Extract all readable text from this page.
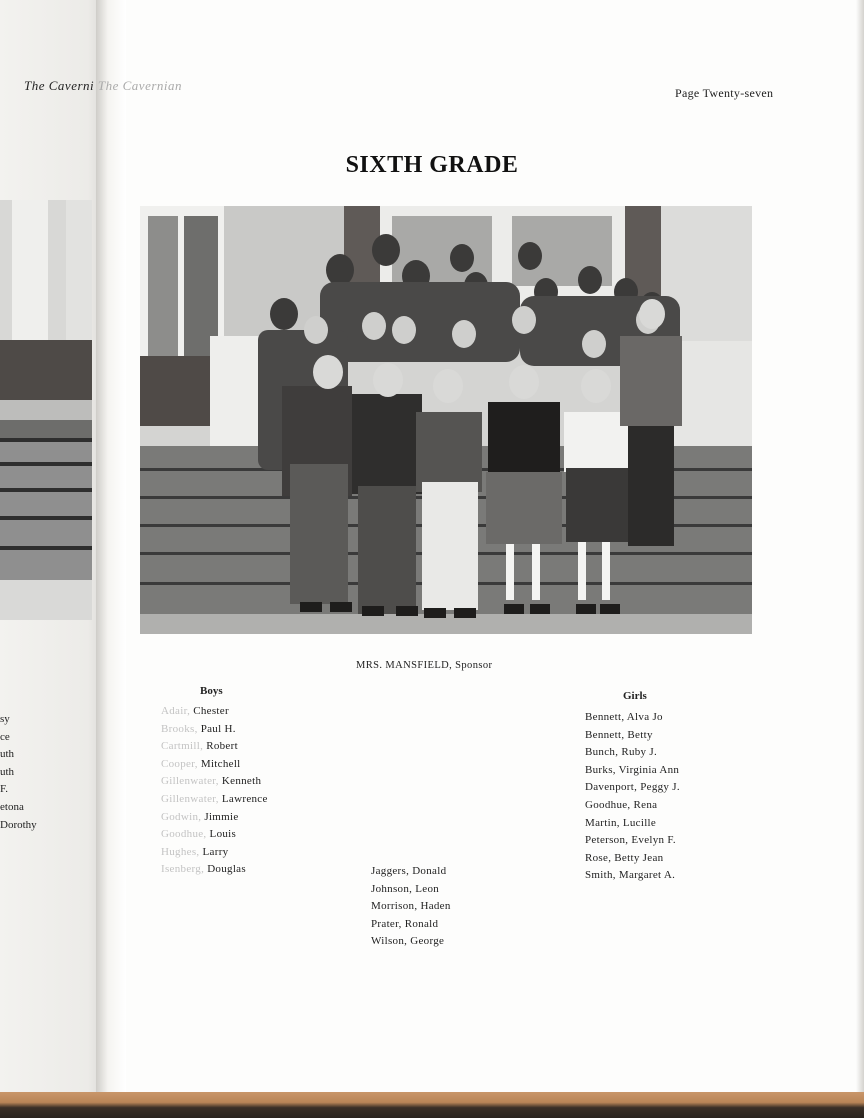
sy
ce
uth
uth
F.
etona
Dorothy
The Caverni The Cavernian	Page Twenty-seven
SIXTH GRADE
MRS. MANSFIELD, Sponsor
Boys	Girls
Adair, Chester
Brooks, Paul H.
Cartmill, Robert
Cooper, Mitchell
Gillenwater, Kenneth
Gillenwater, Lawrence
Godwin, Jimmie
Goodhue, Louis
Hughes, Larry
Isenberg, Douglas	Jaggers, Donald
Johnson, Leon
Morrison, Haden
Prater, Ronald
Wilson, George
Bennett, Alva Jo
Bennett, Betty
Bunch, Ruby J.
Burks, Virginia Ann
Davenport, Peggy J.
Goodhue, Rena
Martin, Lucille
Peterson, Evelyn F.
Rose, Betty Jean
Smith, Margaret A.
